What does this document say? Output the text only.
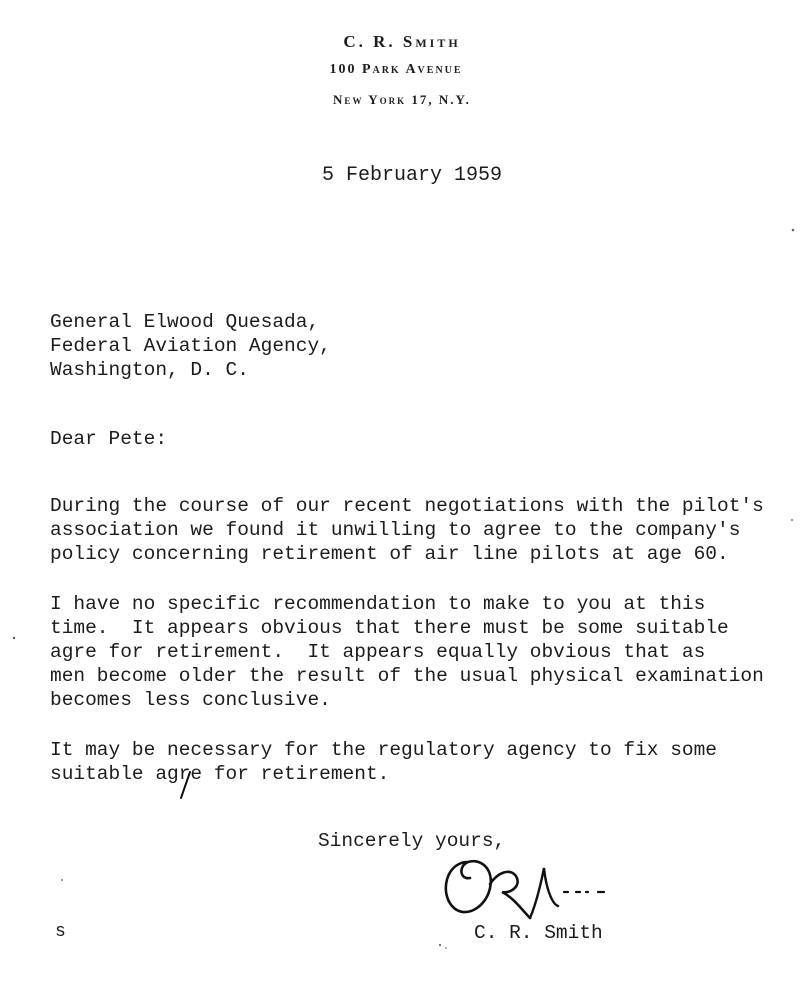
C. R. Smith
100 Park Avenue
New York 17, N.Y.
5 February 1959
General Elwood Quesada,
Federal Aviation Agency,
Washington, D. C.
Dear Pete:
During the course of our recent negotiations with the pilot's
association we found it unwilling to agree to the company's
policy concerning retirement of air line pilots at age 60.
I have no specific recommendation to make to you at this
time.  It appears obvious that there must be some suitable
agre for retirement.  It appears equally obvious that as
men become older the result of the usual physical examination
becomes less conclusive.
It may be necessary for the regulatory agency to fix some
suitable agre for retirement.
Sincerely yours,
C. R. Smith
s
